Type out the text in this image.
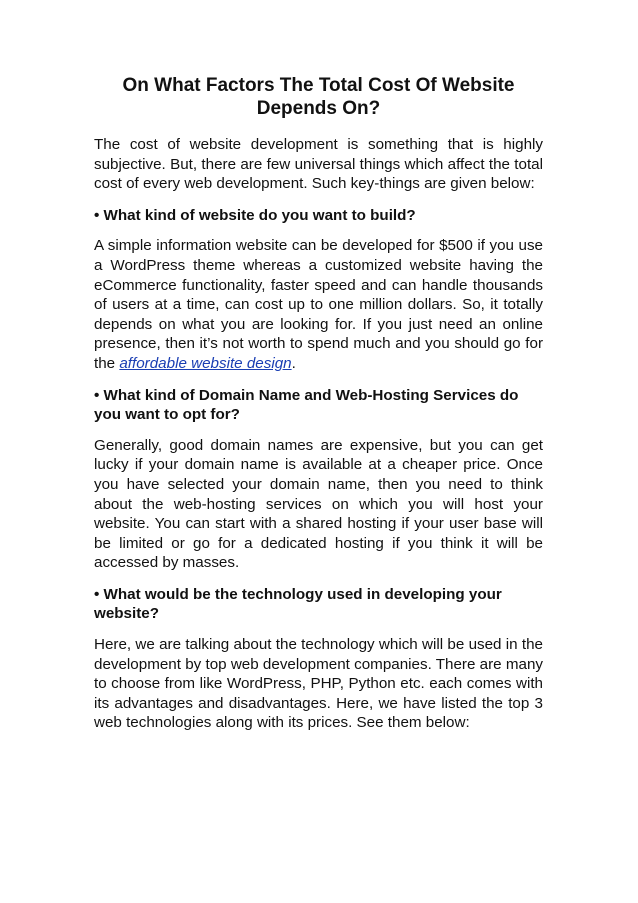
On What Factors The Total Cost Of Website Depends On?

The cost of website development is something that is highly subjective. But, there are few universal things which affect the total cost of every web development. Such key-things are given below:

• What kind of website do you want to build?

A simple information website can be developed for $500 if you use a WordPress theme whereas a customized website having the eCommerce functionality, faster speed and can handle thousands of users at a time, can cost up to one million dollars. So, it totally depends on what you are looking for. If you just need an online presence, then it’s not worth to spend much and you should go for the affordable website design.

• What kind of Domain Name and Web-Hosting Services do you want to opt for?

Generally, good domain names are expensive, but you can get lucky if your domain name is available at a cheaper price. Once you have selected your domain name, then you need to think about the web-hosting services on which you will host your website. You can start with a shared hosting if your user base will be limited or go for a dedicated hosting if you think it will be accessed by masses.

• What would be the technology used in developing your website?

Here, we are talking about the technology which will be used in the development by top web development companies. There are many to choose from like WordPress, PHP, Python etc. each comes with its advantages and disadvantages. Here, we have listed the top 3 web technologies along with its prices. See them below:
